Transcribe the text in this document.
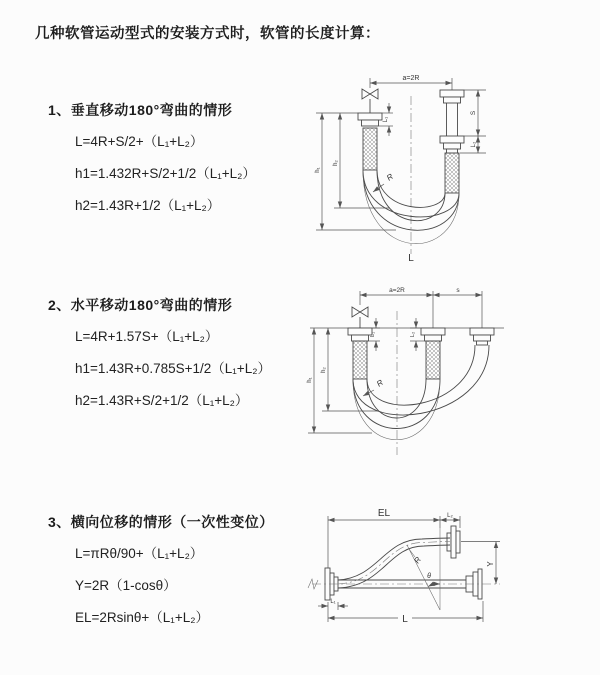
几种软管运动型式的安装方式时，软管的长度计算：
1、垂直移动180°弯曲的情形
L=4R+S/2+（L₁+L₂）
h1=1.432R+S/2+1/2（L₁+L₂）
h2=1.43R+1/2（L₁+L₂）
2、水平移动180°弯曲的情形
L=4R+1.57S+（L₁+L₂）
h1=1.43R+0.785S+1/2（L₁+L₂）
h2=1.43R+S/2+1/2（L₁+L₂）
3、横向位移的情形（一次性变位）
L=πRθ/90+（L₁+L₂）
Y=2R（1-cosθ）
EL=2Rsinθ+（L₁+L₂）
a=2R
L₁
S
L₂
h₁
h₂
R
L
a=2R	s
L₁	L₂
h₁
h₂
R
EL	L₂
θ
R	Y
L₁
L
